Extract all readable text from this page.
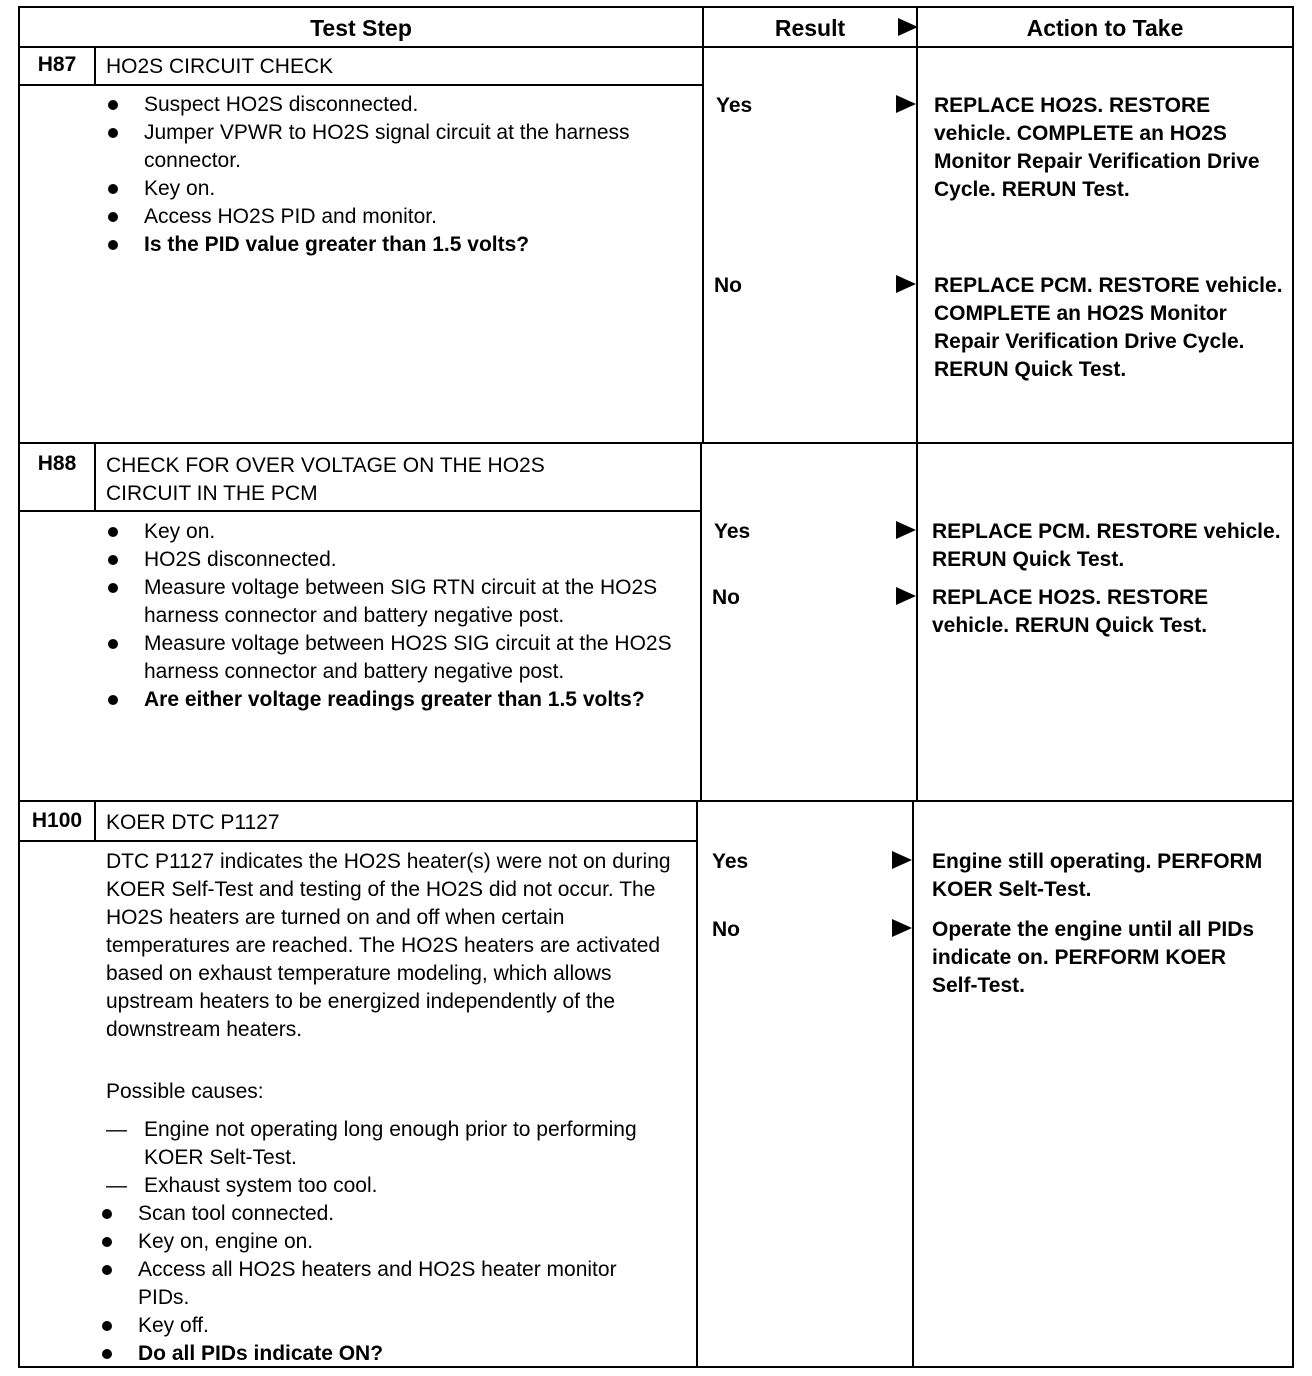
Test Step	Result	Action to Take
H87	HO2S CIRCUIT CHECK
Suspect HO2S disconnected.
Jumper VPWR to HO2S signal circuit at the harness connector.
Key on.
Access HO2S PID and monitor.
Is the PID value greater than 1.5 volts?
Yes	REPLACE HO2S. RESTORE vehicle. COMPLETE an HO2S Monitor Repair Verification Drive Cycle. RERUN Test.
No	REPLACE PCM. RESTORE vehicle. COMPLETE an HO2S Monitor Repair Verification Drive Cycle.
RERUN Quick Test.
H88	CHECK FOR OVER VOLTAGE ON THE HO2S CIRCUIT IN THE PCM
Key on.
HO2S disconnected.
Measure voltage between SIG RTN circuit at the HO2S harness connector and battery negative post.
Measure voltage between HO2S SIG circuit at the HO2S harness connector and battery negative post.
Are either voltage readings greater than 1.5 volts?
Yes	REPLACE PCM. RESTORE vehicle. RERUN Quick Test.
No	REPLACE HO2S. RESTORE vehicle. RERUN Quick Test.
H100	KOER DTC P1127
DTC P1127 indicates the HO2S heater(s) were not on during KOER Self-Test and testing of the HO2S did not occur. The HO2S heaters are turned on and off when certain temperatures are reached. The HO2S heaters are activated based on exhaust temperature modeling, which allows upstream heaters to be energized independently of the downstream heaters.
Possible causes:
— Engine not operating long enough prior to performing KOER Selt-Test.
— Exhaust system too cool.
Scan tool connected.
Key on, engine on.
Access all HO2S heaters and HO2S heater monitor PIDs.
Key off.
Do all PIDs indicate ON?
Yes	Engine still operating. PERFORM KOER Selt-Test.
No	Operate the engine until all PIDs indicate on. PERFORM KOER Self-Test.
